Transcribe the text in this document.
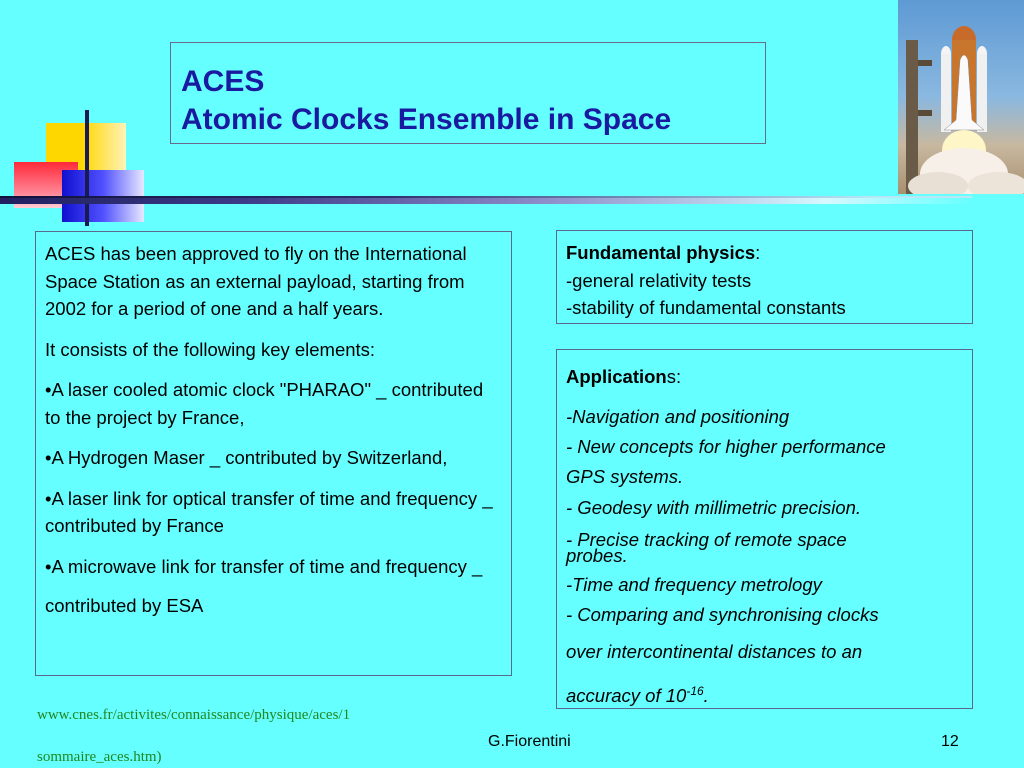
ACES
Atomic Clocks Ensemble in Space

ACES has been approved to fly on the International Space Station as an external payload, starting from 2002 for a period of one and a half years.

It consists of the following key elements:

•A laser cooled atomic clock "PHARAO" _ contributed to the project by France,

•A Hydrogen Maser _ contributed by Switzerland,

•A laser link for optical transfer of time and frequency _ contributed by France

•A microwave link for transfer of time and frequency _ contributed by ESA

Fundamental physics:
-general relativity tests
-stability of fundamental constants
Applications:
-Navigation and positioning
- New concepts for higher performance
GPS systems.
- Geodesy with millimetric precision.
- Precise tracking of remote space
probes.
-Time and frequency metrology
- Comparing and synchronising clocks
over intercontinental distances to an
accuracy of $10^{-16}$.
www.cnes.fr/activites/connaissance/physique/aces/1
sommaire_aces.htm)
G.Fiorentini	12
